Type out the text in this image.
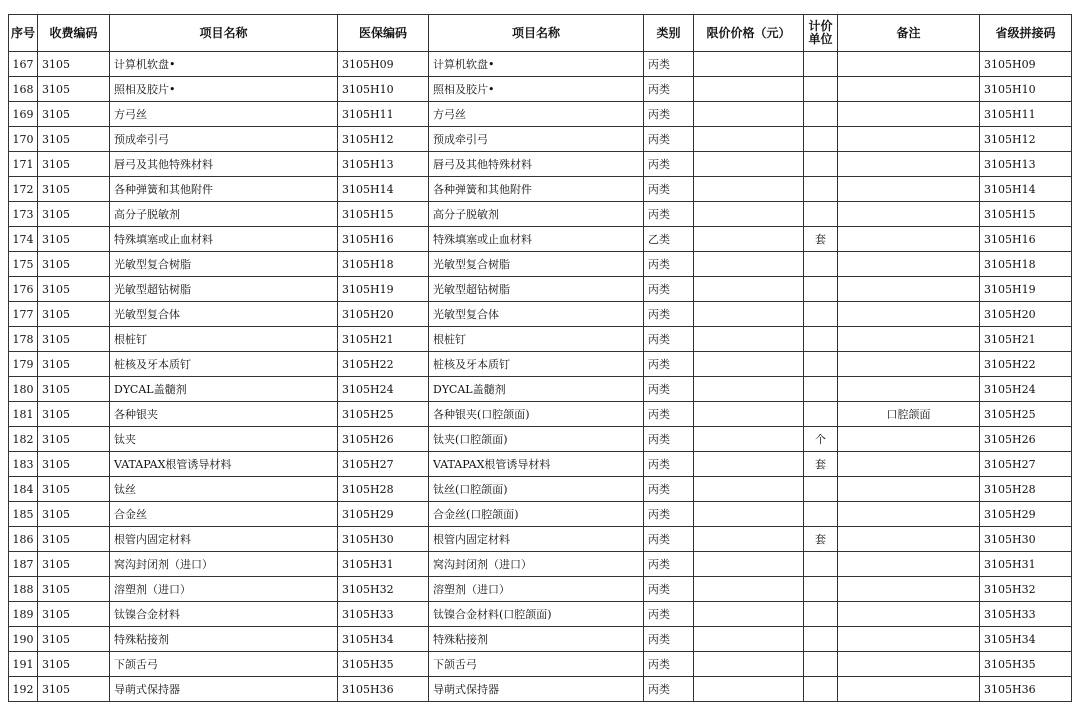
序号	收费编码	项目名称	医保编码	项目名称	类别	限价价格（元）	计价单位	备注	省级拼接码
167	3105	计算机软盘•	3105H09	计算机软盘•	丙类				3105H09
168	3105	照相及胶片•	3105H10	照相及胶片•	丙类				3105H10
169	3105	方弓丝	3105H11	方弓丝	丙类				3105H11
170	3105	预成牵引弓	3105H12	预成牵引弓	丙类				3105H12
171	3105	唇弓及其他特殊材料	3105H13	唇弓及其他特殊材料	丙类				3105H13
172	3105	各种弹簧和其他附件	3105H14	各种弹簧和其他附件	丙类				3105H14
173	3105	高分子脱敏剂	3105H15	高分子脱敏剂	丙类				3105H15
174	3105	特殊填塞或止血材料	3105H16	特殊填塞或止血材料	乙类		套		3105H16
175	3105	光敏型复合树脂	3105H18	光敏型复合树脂	丙类				3105H18
176	3105	光敏型超钻树脂	3105H19	光敏型超钻树脂	丙类				3105H19
177	3105	光敏型复合体	3105H20	光敏型复合体	丙类				3105H20
178	3105	根桩钉	3105H21	根桩钉	丙类				3105H21
179	3105	桩核及牙本质钉	3105H22	桩核及牙本质钉	丙类				3105H22
180	3105	DYCAL盖髓剂	3105H24	DYCAL盖髓剂	丙类				3105H24
181	3105	各种银夹	3105H25	各种银夹(口腔颌面)	丙类			口腔颌面	3105H25
182	3105	钛夹	3105H26	钛夹(口腔颌面)	丙类		个		3105H26
183	3105	VATAPAX根管诱导材料	3105H27	VATAPAX根管诱导材料	丙类		套		3105H27
184	3105	钛丝	3105H28	钛丝(口腔颌面)	丙类				3105H28
185	3105	合金丝	3105H29	合金丝(口腔颌面)	丙类				3105H29
186	3105	根管内固定材料	3105H30	根管内固定材料	丙类		套		3105H30
187	3105	窝沟封闭剂（进口）	3105H31	窝沟封闭剂（进口）	丙类				3105H31
188	3105	溶塑剂（进口）	3105H32	溶塑剂（进口）	丙类				3105H32
189	3105	钛镍合金材料	3105H33	钛镍合金材料(口腔颌面)	丙类				3105H33
190	3105	特殊粘接剂	3105H34	特殊粘接剂	丙类				3105H34
191	3105	下颌舌弓	3105H35	下颌舌弓	丙类				3105H35
192	3105	导萌式保持器	3105H36	导萌式保持器	丙类				3105H36
